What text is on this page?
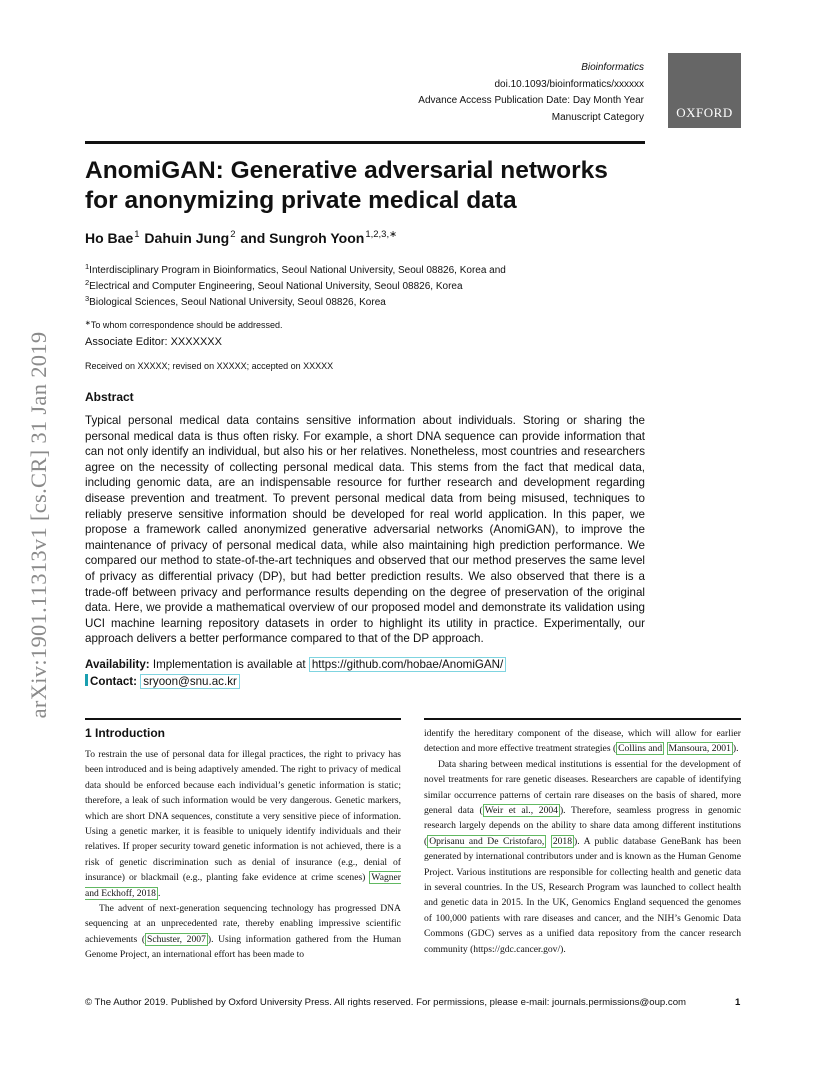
arXiv:1901.11313v1 [cs.CR] 31 Jan 2019
Bioinformatics
doi.10.1093/bioinformatics/xxxxxx
Advance Access Publication Date: Day Month Year
Manuscript Category OXFORD
AnomiGAN: Generative adversarial networks for anonymizing private medical data
Ho Bae$^1$ Dahuin Jung$^2$ and Sungroh Yoon$^{1,2,3,∗}$
$^1$Interdisciplinary Program in Bioinformatics, Seoul National University, Seoul 08826, Korea and
$^2$Electrical and Computer Engineering, Seoul National University, Seoul 08826, Korea
$^3$Biological Sciences, Seoul National University, Seoul 08826, Korea
∗To whom correspondence should be addressed.
Associate Editor: XXXXXXX
Received on XXXXX; revised on XXXXX; accepted on XXXXX
Abstract

Typical personal medical data contains sensitive information about individuals. Storing or sharing the personal medical data is thus often risky. For example, a short DNA sequence can provide information that can not only identify an individual, but also his or her relatives. Nonetheless, most countries and researchers agree on the necessity of collecting personal medical data. This stems from the fact that medical data, including genomic data, are an indispensable resource for further research and development regarding disease prevention and treatment. To prevent personal medical data from being misused, techniques to reliably preserve sensitive information should be developed for real world application. In this paper, we propose a framework called anonymized generative adversarial networks (AnomiGAN), to improve the maintenance of privacy of personal medical data, while also maintaining high prediction performance. We compared our method to state-of-the-art techniques and observed that our method preserves the same level of privacy as differential privacy (DP), but had better prediction results. We also observed that there is a trade-off between privacy and performance results depending on the degree of preservation of the original data. Here, we provide a mathematical overview of our proposed model and demonstrate its validation using UCI machine learning repository datasets in order to highlight its utility in practice. Experimentally, our approach delivers a better performance compared to that of the DP approach.

Availability: Implementation is available at https://github.com/hobae/AnomiGAN/
Contact: sryoon@snu.ac.kr
1 Introduction

To restrain the use of personal data for illegal practices, the right to privacy has been introduced and is being adaptively amended. The right to privacy of medical data should be enforced because each individual’s genetic information is static; therefore, a leak of such information would be very dangerous. Genetic markers, which are short DNA sequences, constitute a very sensitive piece of information. Using a genetic marker, it is feasible to uniquely identify individuals and their relatives. If proper security toward genetic information is not achieved, there is a risk of genetic discrimination such as denial of insurance (e.g., denial of insurance) or blackmail (e.g., planting fake evidence at crime scenes) Wagner and Eckhoff, 2018 .

The advent of next-generation sequencing technology has progressed DNA sequencing at an unprecedented rate, thereby enabling impressive scientific achievements ( Schuster, 2007 ). Using information gathered from the Human Genome Project, an international effort has been made to

identify the hereditary component of the disease, which will allow for earlier detection and more effective treatment strategies ( Collins and Mansoura, 2001 ).

Data sharing between medical institutions is essential for the development of novel treatments for rare genetic diseases. Researchers are capable of identifying similar occurrence patterns of certain rare diseases on the basis of shared, more general data ( Weir et al., 2004 ). Therefore, seamless progress in genomic research largely depends on the ability to share data among different institutions ( Oprisanu and De Cristofaro, 2018 ). A public database GeneBank has been generated by international contributors under and is known as the Human Genome Project. Various institutions are responsible for collecting health and genetic data in several countries. In the US, Research Program was launched to collect health and genetic data in 2015. In the UK, Genomics England sequenced the genomes of 100,000 patients with rare diseases and cancer, and the NIH’s Genomic Data Commons (GDC) serves as a unified data repository from the cancer research community (https://gdc.cancer.gov/).

© The Author 2019. Published by Oxford University Press. All rights reserved. For permissions, please e-mail: journals.permissions@oup.com	1
